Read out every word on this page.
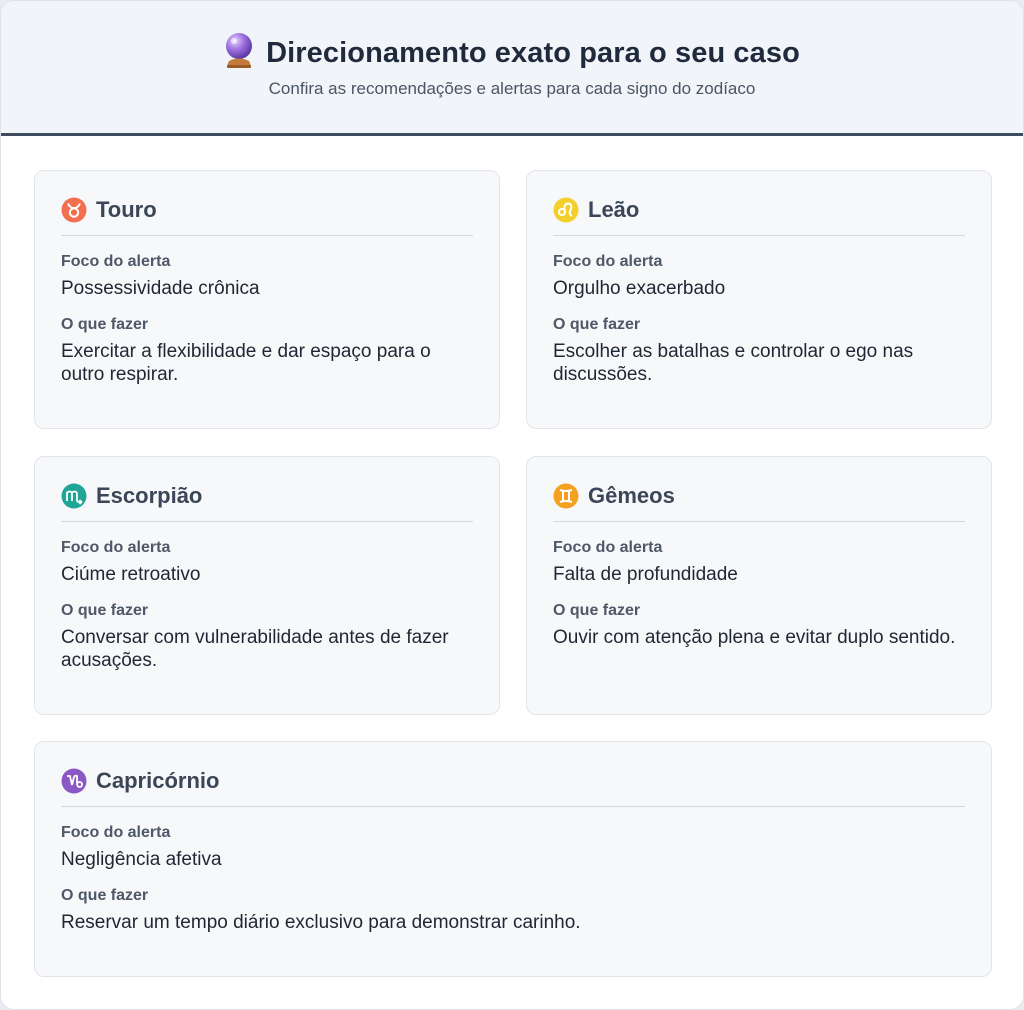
Direcionamento exato para o seu caso
Confira as recomendações e alertas para cada signo do zodíaco
Touro
Foco do alerta
Possessividade crônica
O que fazer
Exercitar a flexibilidade e dar espaço para o outro respirar.
Leão
Foco do alerta
Orgulho exacerbado
O que fazer
Escolher as batalhas e controlar o ego nas discussões.
Escorpião
Foco do alerta
Ciúme retroativo
O que fazer
Conversar com vulnerabilidade antes de fazer acusações.
Gêmeos
Foco do alerta
Falta de profundidade
O que fazer
Ouvir com atenção plena e evitar duplo sentido.
Capricórnio
Foco do alerta
Negligência afetiva
O que fazer
Reservar um tempo diário exclusivo para demonstrar carinho.
